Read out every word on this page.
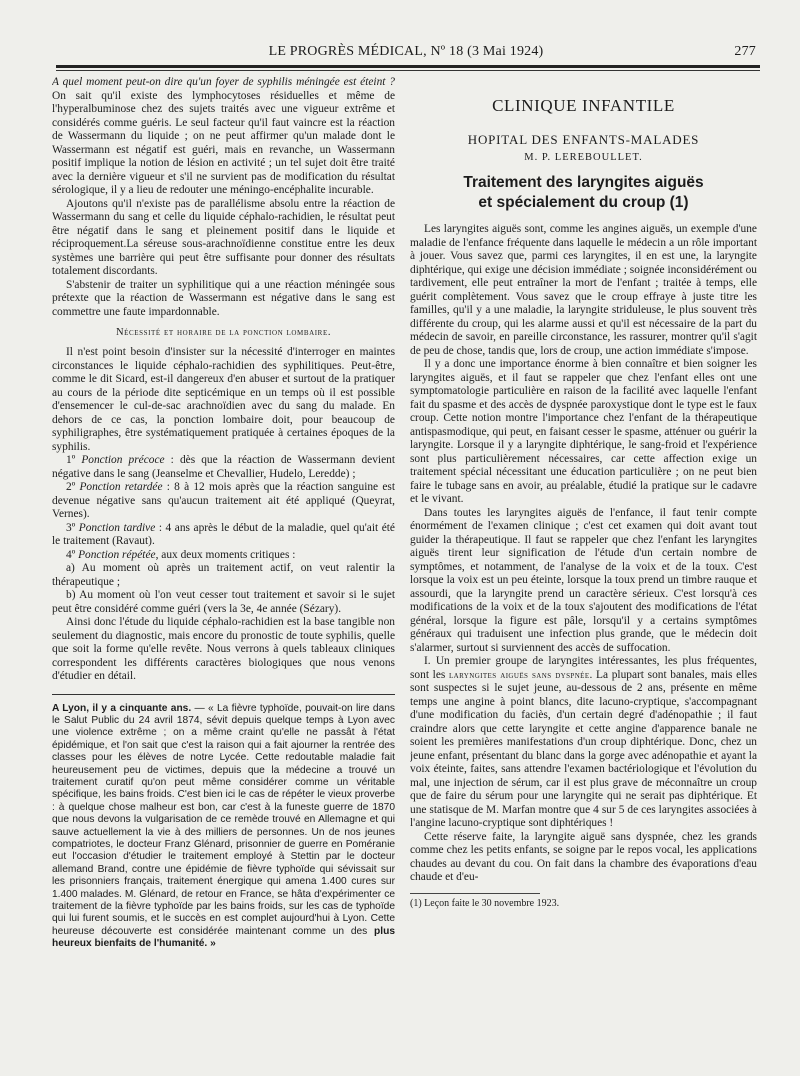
LE PROGRÈS MÉDICAL, Nº 18 (3 Mai 1924)	277

A quel moment peut-on dire qu'un foyer de syphilis méningée est éteint ? On sait qu'il existe des lymphocytoses résiduelles et même de l'hyperalbuminose chez des sujets traités avec une vigueur extrême et considérés comme guéris. Le seul facteur qu'il faut vaincre est la réaction de Wassermann du liquide ; on ne peut affirmer qu'un malade dont le Wassermann est négatif est guéri, mais en revanche, un Wassermann positif implique la notion de lésion en activité ; un tel sujet doit être traité avec la dernière vigueur et s'il ne survient pas de modification du résultat sérologique, il y a lieu de redouter une méningo-encéphalite incurable.

Ajoutons qu'il n'existe pas de parallélisme absolu entre la réaction de Wassermann du sang et celle du liquide céphalo-rachidien, le résultat peut être négatif dans le sang et pleinement positif dans le liquide et réciproquement.La séreuse sous-arachnoïdienne constitue entre les deux systèmes une barrière qui peut être suffisante pour donner des résultats totalement discordants.

S'abstenir de traiter un syphilitique qui a une réaction méningée sous prétexte que la réaction de Wassermann est négative dans le sang est commettre une faute impardonnable.

Nécessité et horaire de la ponction lombaire.

Il n'est point besoin d'insister sur la nécessité d'interroger en maintes circonstances le liquide céphalo-rachidien des syphilitiques. Peut-être, comme le dit Sicard, est-il dangereux d'en abuser et surtout de la pratiquer au cours de la période dite septicémique en un temps où il est possible d'ensemencer le cul-de-sac arachnoïdien avec du sang du malade. En dehors de ce cas, la ponction lombaire doit, pour beaucoup de syphiligraphes, être systématiquement pratiquée à certaines époques de la syphilis.

1º Ponction précoce : dès que la réaction de Wassermann devient négative dans le sang (Jeanselme et Chevallier, Hudelo, Leredde) ;

2º Ponction retardée : 8 à 12 mois après que la réaction sanguine est devenue négative sans qu'aucun traitement ait été appliqué (Queyrat, Vernes).

3º Ponction tardive : 4 ans après le début de la maladie, quel qu'ait été le traitement (Ravaut).

4º Ponction répétée, aux deux moments critiques :

a) Au moment où après un traitement actif, on veut ralentir la thérapeutique ;

b) Au moment où l'on veut cesser tout traitement et savoir si le sujet peut être considéré comme guéri (vers la 3e, 4e année (Sézary).

Ainsi donc l'étude du liquide céphalo-rachidien est la base tangible non seulement du diagnostic, mais encore du pronostic de toute syphilis, quelle que soit la forme qu'elle revête. Nous verrons à quels tableaux cliniques correspondent les différents caractères biologiques que nous venons d'étudier en détail.

A Lyon, il y a cinquante ans. — « La fièvre typhoïde, pouvait-on lire dans le Salut Public du 24 avril 1874, sévit depuis quelque temps à Lyon avec une violence extrême ; on a même craint qu'elle ne passât à l'état épidémique, et l'on sait que c'est la raison qui a fait ajourner la rentrée des classes pour les élèves de notre Lycée. Cette redoutable maladie fait heureusement peu de victimes, depuis que la médecine a trouvé un traitement curatif qu'on peut même considérer comme un véritable spécifique, les bains froids. C'est bien ici le cas de répéter le vieux proverbe : à quelque chose malheur est bon, car c'est à la funeste guerre de 1870 que nous devons la vulgarisation de ce remède trouvé en Allemagne et qui sauve actuellement la vie à des milliers de personnes. Un de nos jeunes compatriotes, le docteur Franz Glénard, prisonnier de guerre en Poméranie eut l'occasion d'étudier le traitement employé à Stettin par le docteur allemand Brand, contre une épidémie de fièvre typhoïde qui sévissait sur les prisonniers français, traitement énergique qui amena 1.400 cures sur 1.400 malades. M. Glénard, de retour en France, se hâta d'expérimenter ce traitement de la fièvre typhoïde par les bains froids, sur les cas de typhoïde qui lui furent soumis, et le succès en est complet aujourd'hui à Lyon. Cette heureuse découverte est considérée maintenant comme un des plus heureux bienfaits de l'humanité. »

CLINIQUE INFANTILE
HOPITAL DES ENFANTS-MALADES
M. P. LEREBOULLET.
Traitement des laryngites aiguës
et spécialement du croup (1)

Les laryngites aiguës sont, comme les angines aiguës, un exemple d'une maladie de l'enfance fréquente dans laquelle le médecin a un rôle important à jouer. Vous savez que, parmi ces laryngites, il en est une, la laryngite diphtérique, qui exige une décision immédiate ; soignée inconsidérément ou tardivement, elle peut entraîner la mort de l'enfant ; traitée à temps, elle guérit complètement. Vous savez que le croup effraye à juste titre les familles, qu'il y a une maladie, la laryngite striduleuse, le plus souvent très différente du croup, qui les alarme aussi et qu'il est nécessaire de la part du médecin de savoir, en pareille circonstance, les rassurer, montrer qu'il s'agit de peu de chose, tandis que, lors de croup, une action immédiate s'impose.

Il y a donc une importance énorme à bien connaître et bien soigner les laryngites aiguës, et il faut se rappeler que chez l'enfant elles ont une symptomatologie particulière en raison de la facilité avec laquelle l'enfant fait du spasme et des accès de dyspnée paroxystique dont le type est le faux croup. Cette notion montre l'importance chez l'enfant de la thérapeutique antispasmodique, qui peut, en faisant cesser le spasme, atténuer ou guérir la laryngite. Lorsque il y a laryngite diphtérique, le sang-froid et l'expérience sont plus particulièrement nécessaires, car cette affection exige un traitement spécial nécessitant une éducation particulière ; on ne peut bien faire le tubage sans en avoir, au préalable, étudié la pratique sur le cadavre et le vivant.

Dans toutes les laryngites aiguës de l'enfance, il faut tenir compte énormément de l'examen clinique ; c'est cet examen qui doit avant tout guider la thérapeutique. Il faut se rappeler que chez l'enfant les laryngites aiguës tirent leur signification de l'étude d'un certain nombre de symptômes, et notamment, de l'analyse de la voix et de la toux. C'est lorsque la voix est un peu éteinte, lorsque la toux prend un timbre rauque et assourdi, que la laryngite prend un caractère sérieux. C'est lorsqu'à ces modifications de la voix et de la toux s'ajoutent des modifications de l'état général, lorsque la figure est pâle, lorsqu'il y a certains symptômes généraux qui traduisent une infection plus grande, que le médecin doit s'alarmer, surtout si surviennent des accès de suffocation.

I. Un premier groupe de laryngites intéressantes, les plus fréquentes, sont les laryngites aiguës sans dyspnée. La plupart sont banales, mais elles sont suspectes si le sujet jeune, au-dessous de 2 ans, présente en même temps une angine à point blancs, dite lacuno-cryptique, s'accompagnant d'une modification du faciès, d'un certain degré d'adénopathie ; il faut craindre alors que cette laryngite et cette angine d'apparence banale ne soient les premières manifestations d'un croup diphtérique. Donc, chez un jeune enfant, présentant du blanc dans la gorge avec adénopathie et ayant la voix éteinte, faites, sans attendre l'examen bactériologique et l'évolution du mal, une injection de sérum, car il est plus grave de méconnaître un croup que de faire du sérum pour une laryngite qui ne serait pas diphtérique. Et une statisque de M. Marfan montre que 4 sur 5 de ces laryngites associées à l'angine lacuno-cryptique sont diphtériques !

Cette réserve faite, la laryngite aiguë sans dyspnée, chez les grands comme chez les petits enfants, se soigne par le repos vocal, les applications chaudes au devant du cou. On fait dans la chambre des évaporations d'eau chaude et d'eu-

(1) Leçon faite le 30 novembre 1923.
